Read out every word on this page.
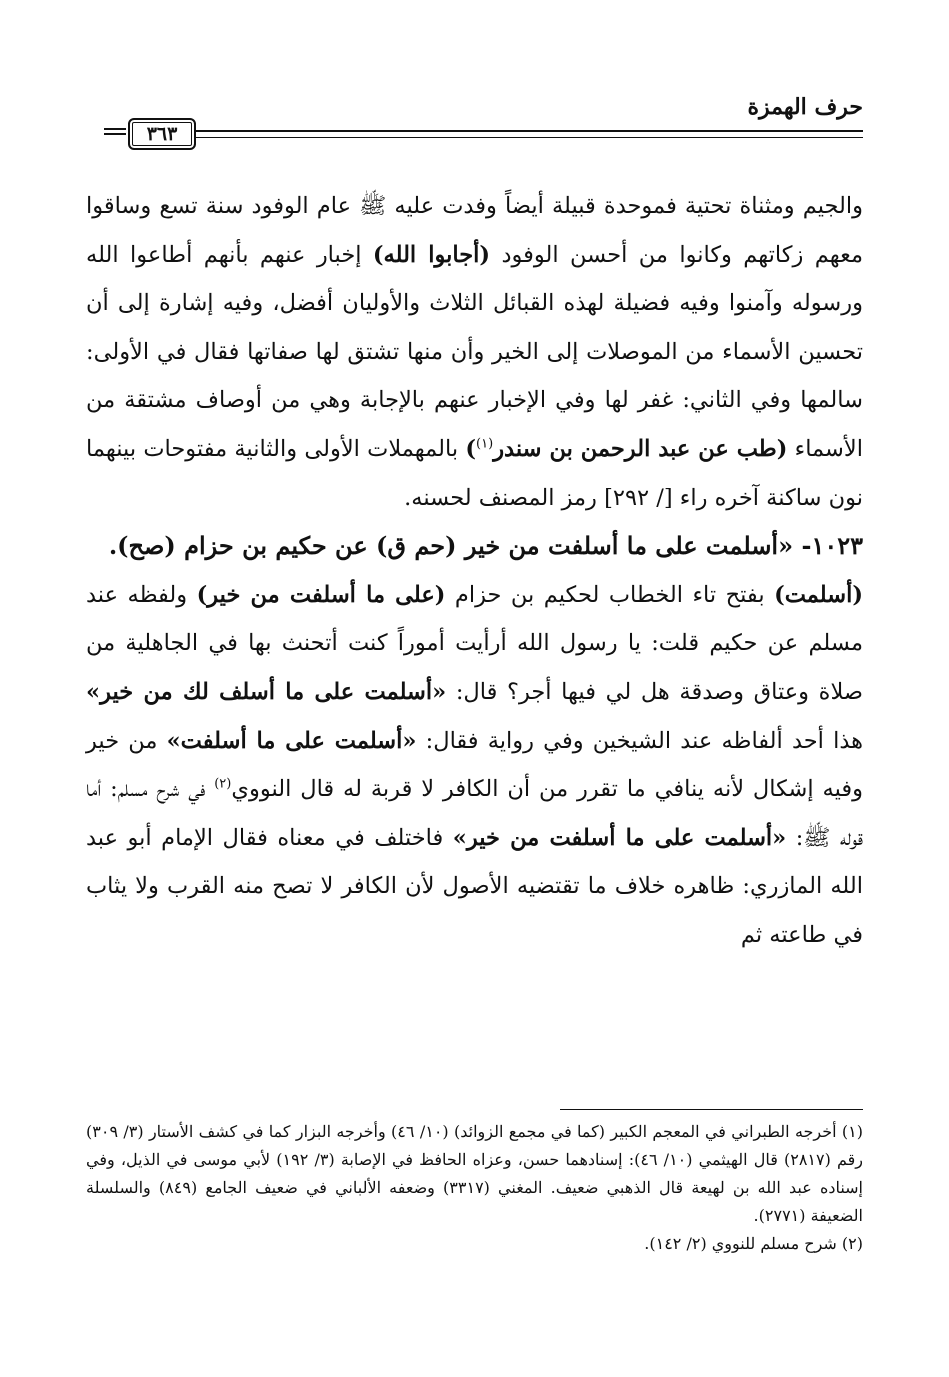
حرف الهمزة
٣٦٣

والجيم ومثناة تحتية فموحدة قبيلة أيضاً وفدت عليه ﷺ عام الوفود سنة تسع وساقوا معهم زكاتهم وكانوا من أحسن الوفود (أجابوا الله) إخبار عنهم بأنهم أطاعوا الله ورسوله وآمنوا وفيه فضيلة لهذه القبائل الثلاث والأوليان أفضل، وفيه إشارة إلى أن تحسين الأسماء من الموصلات إلى الخير وأن منها تشتق لها صفاتها فقال في الأولى: سالمها وفي الثاني: غفر لها وفي الإخبار عنهم بالإجابة وهي من أوصاف مشتقة من الأسماء (طب عن عبد الرحمن بن سندر$^{(١)}$) بالمهملات الأولى والثانية مفتوحات بينهما نون ساكنة آخره راء [/ ٢٩٢] رمز المصنف لحسنه.

١٠٢٣- «أسلمت على ما أسلفت من خير (حم ق) عن حكيم بن حزام (صح).

(أسلمت) بفتح تاء الخطاب لحكيم بن حزام (على ما أسلفت من خير) ولفظه عند مسلم عن حكيم قلت: يا رسول الله أرأيت أموراً كنت أتحنث بها في الجاهلية من صلاة وعتاق وصدقة هل لي فيها أجر؟ قال: «أسلمت على ما أسلف لك من خير» هذا أحد ألفاظه عند الشيخين وفي رواية فقال: «أسلمت على ما أسلفت» من خير وفيه إشكال لأنه ينافي ما تقرر من أن الكافر لا قربة له قال النووي$^{(٢)}$ في شرح مسلم: أما قوله ﷺ: «أسلمت على ما أسلفت من خير» فاختلف في معناه فقال الإمام أبو عبد الله المازري: ظاهره خلاف ما تقتضيه الأصول لأن الكافر لا تصح منه القرب ولا يثاب في طاعته ثم

(١) أخرجه الطبراني في المعجم الكبير (كما في مجمع الزوائد) (١٠/ ٤٦) وأخرجه البزار كما في كشف الأستار (٣/ ٣٠٩) رقم (٢٨١٧) قال الهيثمي (١٠/ ٤٦): إسنادهما حسن، وعزاه الحافظ في الإصابة (٣/ ١٩٢) لأبي موسى في الذيل، وفي إسناده عبد الله بن لهيعة قال الذهبي ضعيف. المغني (٣٣١٧) وضعفه الألباني في ضعيف الجامع (٨٤٩) والسلسلة الضعيفة (٢٧٧١).

(٢) شرح مسلم للنووي (٢/ ١٤٢).
